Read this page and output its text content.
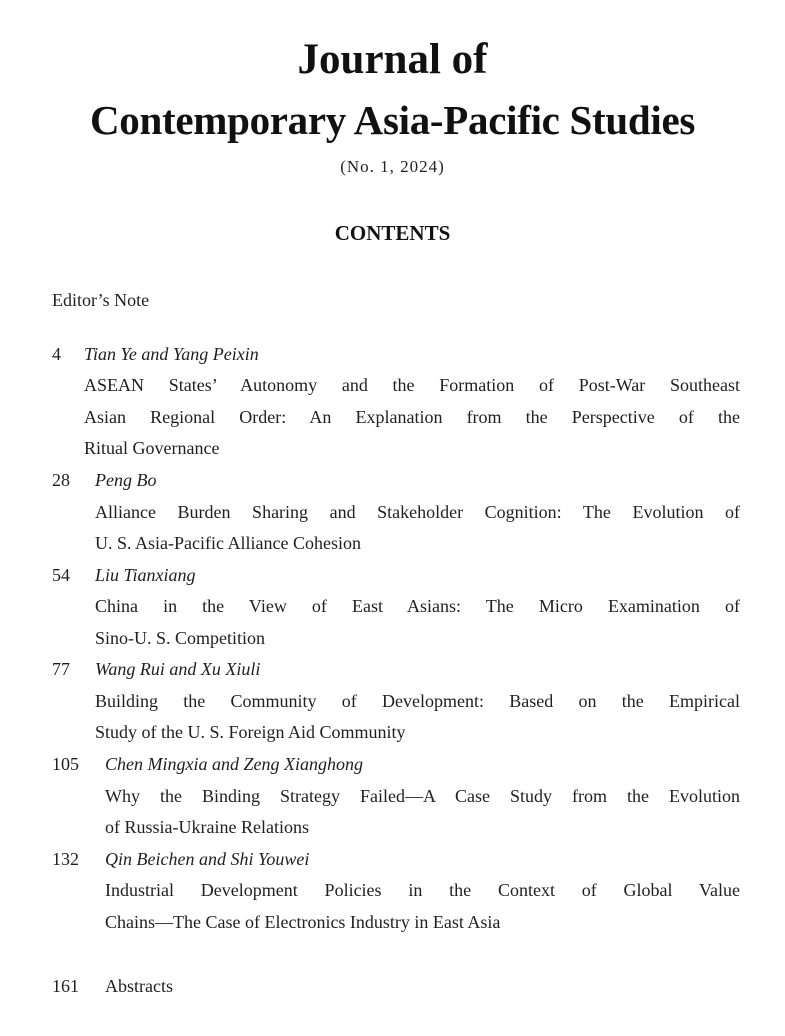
Journal of
Contemporary Asia-Pacific Studies
(No. 1, 2024)
CONTENTS
Editor’s Note
4 Tian Ye and Yang Peixin
ASEAN States’ Autonomy and the Formation of Post-War Southeast
Asian Regional Order: An Explanation from the Perspective of the
Ritual Governance
28 Peng Bo
Alliance Burden Sharing and Stakeholder Cognition: The Evolution of
U. S. Asia-Pacific Alliance Cohesion
54 Liu Tianxiang
China in the View of East Asians: The Micro Examination of
Sino-U. S. Competition
77 Wang Rui and Xu Xiuli
Building the Community of Development: Based on the Empirical
Study of the U. S. Foreign Aid Community
105 Chen Mingxia and Zeng Xianghong
Why the Binding Strategy Failed—A Case Study from the Evolution
of Russia-Ukraine Relations
132 Qin Beichen and Shi Youwei
Industrial Development Policies in the Context of Global Value
Chains—The Case of Electronics Industry in East Asia
161 Abstracts
